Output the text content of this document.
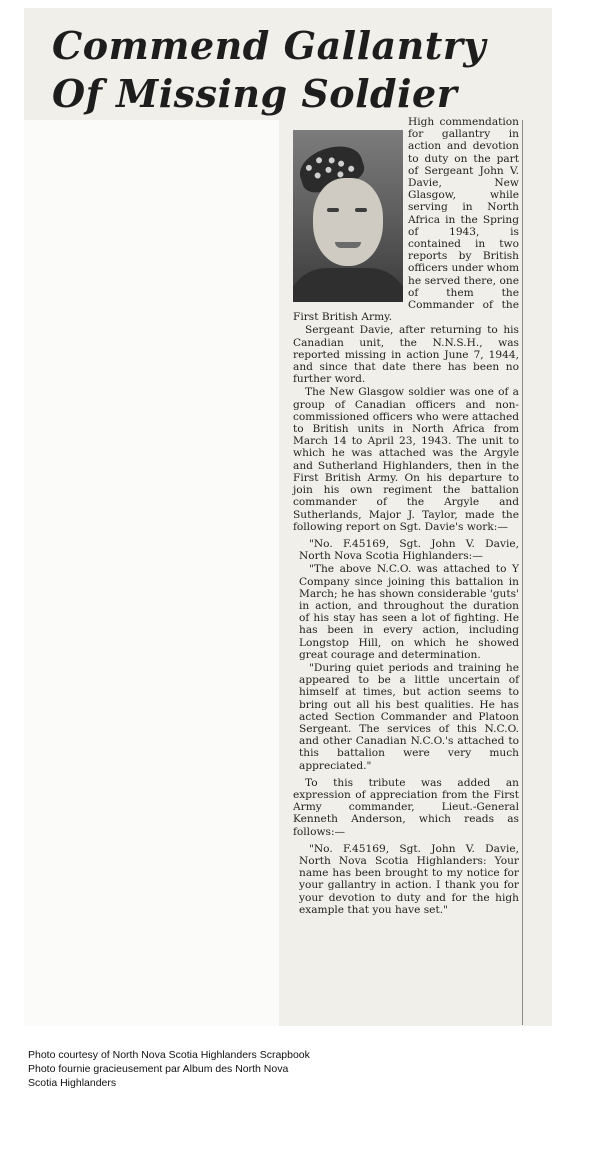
Commend Gallantry
Of Missing Soldier

High commendation for gallantry in action and devotion to duty on the part of Sergeant John V. Davie, New Glasgow, while serving in North Africa in the Spring of 1943, is contained in two reports by British officers under whom he served there, one of them the Commander of the First British Army.

Sergeant Davie, after returning to his Canadian unit, the N.N.S.H., was reported missing in action June 7, 1944, and since that date there has been no further word.

The New Glasgow soldier was one of a group of Canadian officers and non-commissioned officers who were attached to British units in North Africa from March 14 to April 23, 1943. The unit to which he was attached was the Argyle and Sutherland Highlanders, then in the First British Army. On his departure to join his own regiment the battalion commander of the Argyle and Sutherlands, Major J. Taylor, made the following report on Sgt. Davie's work:—

"No. F.45169, Sgt. John V. Davie, North Nova Scotia Highlanders:—

"The above N.C.O. was attached to Y Company since joining this battalion in March; he has shown considerable 'guts' in action, and throughout the duration of his stay has seen a lot of fighting. He has been in every action, including Longstop Hill, on which he showed great courage and determination.

"During quiet periods and training he appeared to be a little uncertain of himself at times, but action seems to bring out all his best qualities. He has acted Section Commander and Platoon Sergeant. The services of this N.C.O. and other Canadian N.C.O.'s attached to this battalion were very much appreciated."

To this tribute was added an expression of appreciation from the First Army commander, Lieut.-General Kenneth Anderson, which reads as follows:—

"No. F.45169, Sgt. John V. Davie, North Nova Scotia Highlanders: Your name has been brought to my notice for your gallantry in action. I thank you for your devotion to duty and for the high example that you have set."

Photo courtesy of North Nova Scotia Highlanders Scrapbook
Photo fournie gracieusement par Album des North Nova
Scotia Highlanders
